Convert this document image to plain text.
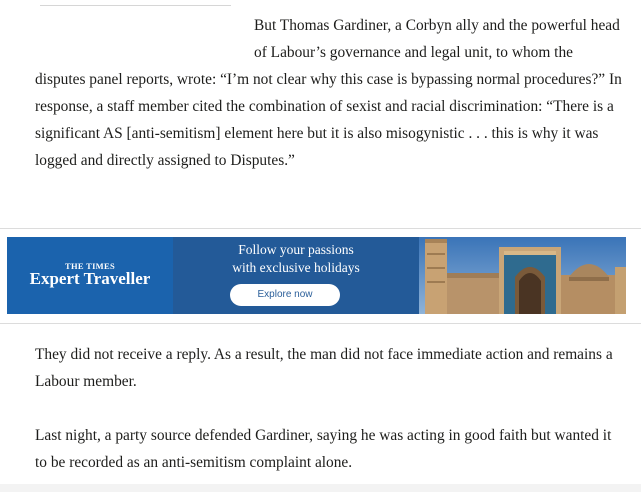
But Thomas Gardiner, a Corbyn ally and the powerful head of Labour’s governance and legal unit, to whom the disputes panel reports, wrote: “I’m not clear why this case is bypassing normal procedures?” In response, a staff member cited the combination of sexist and racial discrimination: “There is a significant AS [anti-semitism] element here but it is also misogynistic . . . this is why it was logged and directly assigned to Disputes.”

THE TIMES
Expert Traveller
Follow your passions
with exclusive holidays
Explore now

They did not receive a reply. As a result, the man did not face immediate action and remains a Labour member.

Last night, a party source defended Gardiner, saying he was acting in good faith but wanted it to be recorded as an anti-semitism complaint alone.
